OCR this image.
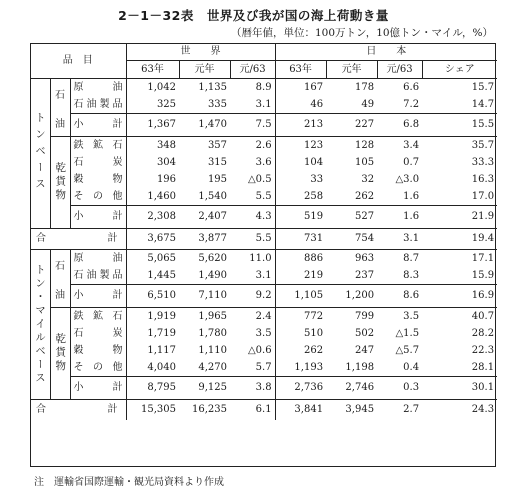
2－1－32表　世界及び我が国の海上荷動き量
（暦年値，単位：100万トン，10億トン・マイル，%）
品　目			世　　界			日　　本			
			63年	元年	元/63	63年	元年	元/63	シェア
トンベース	石	原　油	1,042	1,135	8.9	167	178	6.6	15.7
		石油製品	325	335	3.1	46	49	7.2	14.7
	油	小　計	1,367	1,470	7.5	213	227	6.8	15.5
	乾貨物	鉄鉱石	348	357	2.6	123	128	3.4	35.7
		石　炭	304	315	3.6	104	105	0.7	33.3
		穀　物	196	195	△0.5	33	32	△3.0	16.3
		その他	1,460	1,540	5.5	258	262	1.6	17.0
		小　計	2,308	2,407	4.3	519	527	1.6	21.9
合　計			3,675	3,877	5.5	731	754	3.1	19.4
トン・マイルベース	石	原　油	5,065	5,620	11.0	886	963	8.7	17.1
		石油製品	1,445	1,490	3.1	219	237	8.3	15.9
	油	小　計	6,510	7,110	9.2	1,105	1,200	8.6	16.9
	乾貨物	鉄鉱石	1,919	1,965	2.4	772	799	3.5	40.7
		石　炭	1,719	1,780	3.5	510	502	△1.5	28.2
		穀　物	1,117	1,110	△0.6	262	247	△5.7	22.3
		その他	4,040	4,270	5.7	1,193	1,198	0.4	28.1
		小　計	8,795	9,125	3.8	2,736	2,746	0.3	30.1
合　計			15,305	16,235	6.1	3,841	3,945	2.7	24.3
注　運輸省国際運輸・観光局資料より作成
